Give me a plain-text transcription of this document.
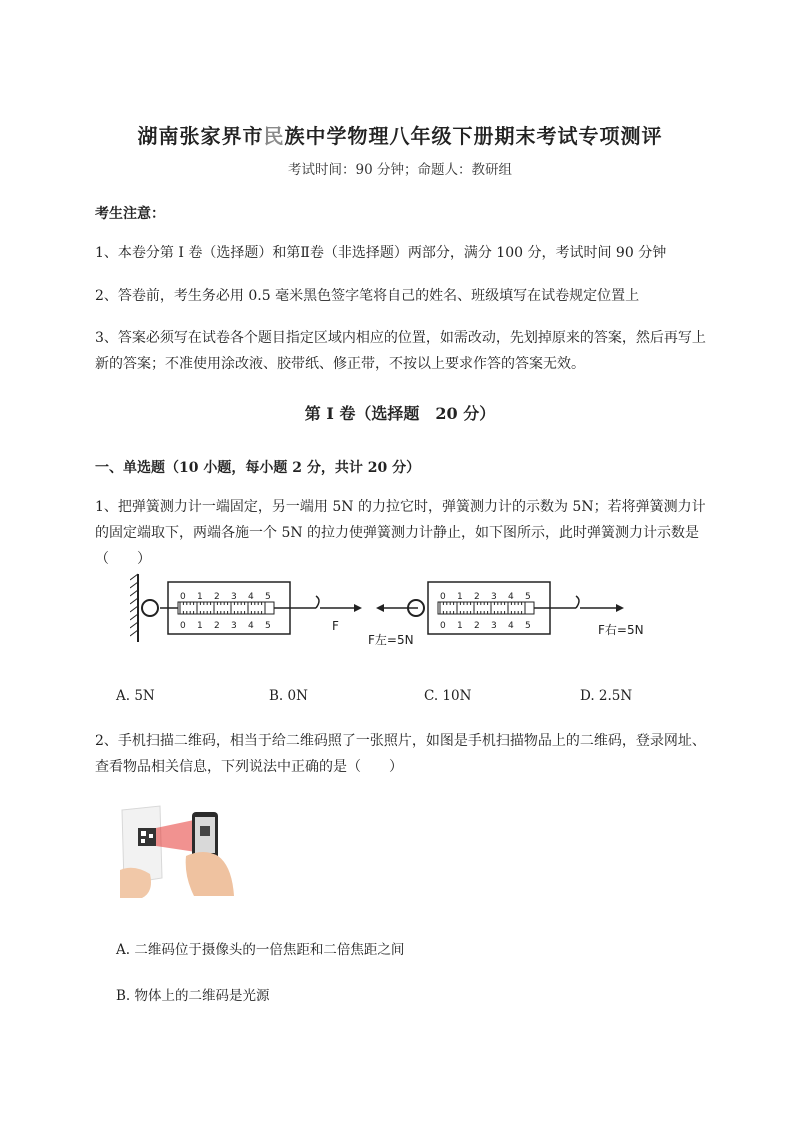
湖南张家界市民族中学物理八年级下册期末考试专项测评
考试时间：90 分钟；命题人：教研组
考生注意：
1、本卷分第 I 卷（选择题）和第Ⅱ卷（非选择题）两部分，满分 100 分，考试时间 90 分钟
2、答卷前，考生务必用 0.5 毫米黑色签字笔将自己的姓名、班级填写在试卷规定位置上
3、答案必须写在试卷各个题目指定区域内相应的位置，如需改动，先划掉原来的答案，然后再写上新的答案；不准使用涂改液、胶带纸、修正带，不按以上要求作答的答案无效。
第 I 卷（选择题　20 分）
一、单选题（10 小题，每小题 2 分，共计 20 分）
1、把弹簧测力计一端固定，另一端用 5N 的力拉它时，弹簧测力计的示数为 5N；若将弹簧测力计的固定端取下，两端各施一个 5N 的拉力使弹簧测力计静止，如下图所示，此时弹簧测力计示数是（　　）
0 1 2 3 4 5
0 1 2 3 4 5	F
0 1 2 3 4 5
0 1 2 3 4 5
F左=5N
F右=5N
A. 5N	B. 0N	C. 10N	D. 2.5N
2、手机扫描二维码，相当于给二维码照了一张照片，如图是手机扫描物品上的二维码，登录网址、查看物品相关信息，下列说法中正确的是（　　）
A. 二维码位于摄像头的一倍焦距和二倍焦距之间
B. 物体上的二维码是光源
